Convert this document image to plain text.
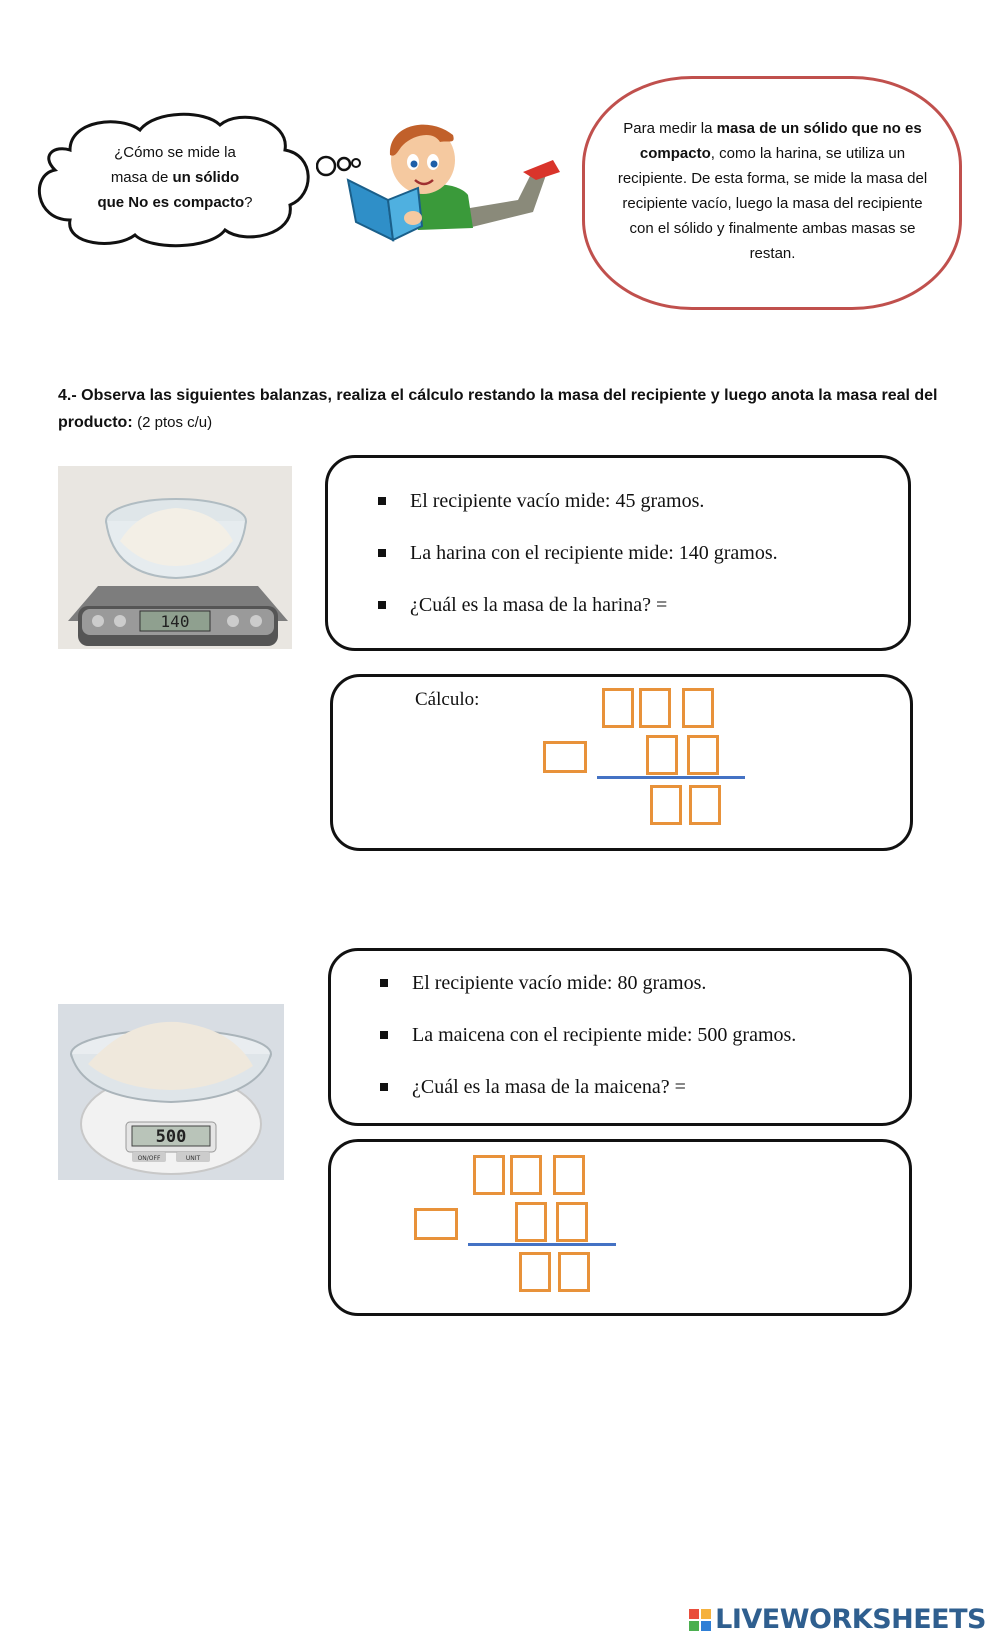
¿Cómo se mide la
masa de un sólido
que No es compacto?
Para medir la masa de un sólido que no es compacto, como la harina, se utiliza un recipiente. De esta forma, se mide la masa del recipiente vacío, luego la masa del recipiente con el sólido y finalmente ambas masas se restan.
4.- Observa las siguientes balanzas, realiza el cálculo restando la masa del recipiente y luego anota la masa real del producto: (2 ptos c/u)
140
El recipiente vacío mide: 45 gramos.
La harina con el recipiente mide: 140 gramos.
¿Cuál es la masa de la harina? =
Cálculo:
500
ON/OFF	UNIT
El recipiente vacío mide: 80 gramos.
La maicena con el recipiente mide: 500 gramos.
¿Cuál es la masa de la maicena? =
LIVEWORKSHEETS
